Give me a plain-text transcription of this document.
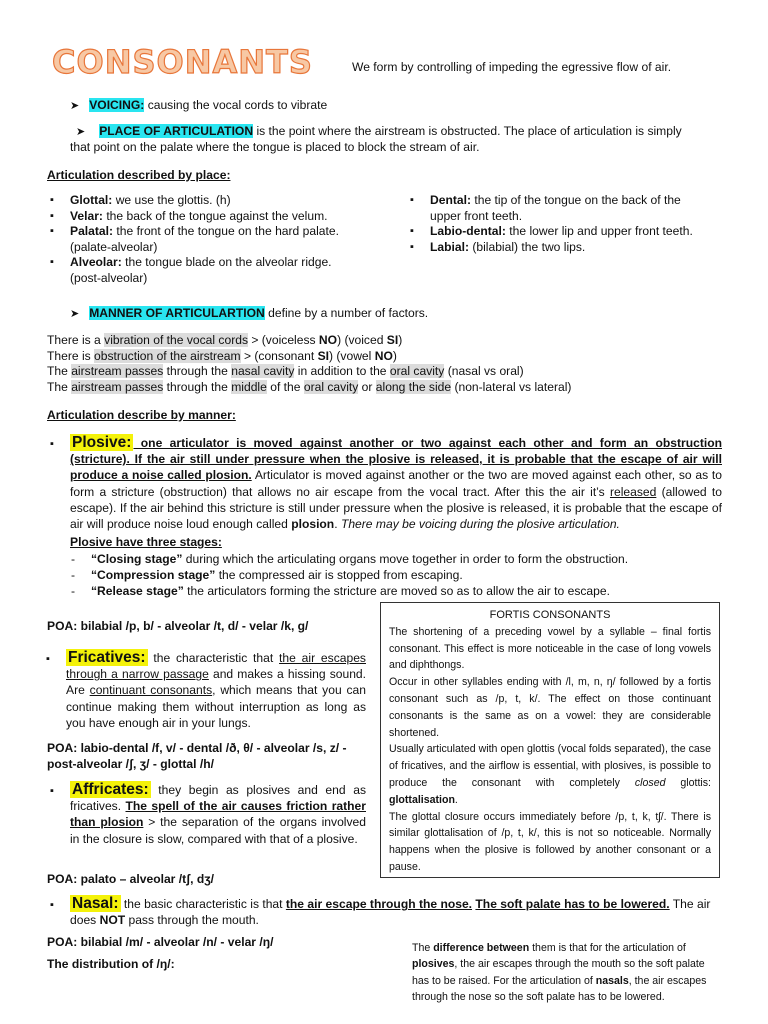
CONSONANTS	We form by controlling of impeding the egressive flow of air.
➤ VOICING: causing the vocal cords to vibrate
➤ PLACE OF ARTICULATION is the point where the airstream is obstructed. The place of articulation is simply
that point on the palate where the tongue is placed to block the stream of air.
Articulation described by place:
▪ Glottal: we use the glottis. (h)
▪ Velar: the back of the tongue against the velum.
▪ Palatal: the front of the tongue on the hard palate.
(palate-alveolar)
▪ Alveolar: the tongue blade on the alveolar ridge.
(post-alveolar)
▪ Dental: the tip of the tongue on the back of the
upper front teeth.
▪ Labio-dental: the lower lip and upper front teeth.
▪ Labial: (bilabial) the two lips.
➤ MANNER OF ARTICULARTION define by a number of factors.
There is a vibration of the vocal cords > (voiceless NO) (voiced SI)
There is obstruction of the airstream > (consonant SI) (vowel NO)
The airstream passes through the nasal cavity in addition to the oral cavity (nasal vs oral)
The airstream passes through the middle of the oral cavity or along the side (non-lateral vs lateral)
Articulation describe by manner:
Plosive: one articulator is moved against another or two against each other and form an obstruction (stricture). If the air still under pressure when the plosive is released, it is probable that the escape of air will produce a noise called plosion. Articulator is moved against another or the two are moved against each other, so as to form a stricture (obstruction) that allows no air escape from the vocal tract. After this the air it’s released (allowed to escape). If the air behind this stricture is still under pressure when the plosive is released, it is probable that the escape of air will produce noise loud enough called plosion. There may be voicing during the plosive articulation.
Plosive have three stages:
- “Closing stage” during which the articulating organs move together in order to form the obstruction.
- “Compression stage” the compressed air is stopped from escaping.
- “Release stage” the articulators forming the stricture are moved so as to allow the air to escape.
POA: bilabial /p, b/ - alveolar /t, d/ - velar /k, g/
Fricatives: the characteristic that the air escapes through a narrow passage and makes a hissing sound. Are continuant consonants, which means that you can continue making them without interruption as long as you have enough air in your lungs.
POA: labio-dental /f, v/ - dental /ð, θ/ - alveolar /s, z/ - post-alveolar /ʃ, ʒ/ - glottal /h/
Affricates: they begin as plosives and end as fricatives. The spell of the air causes friction rather than plosion > the separation of the organs involved in the closure is slow, compared with that of a plosive.
POA: palato – alveolar /tʃ, dʒ/
Nasal: the basic characteristic is that the air escape through the nose. The soft palate has to be lowered. The air does NOT pass through the mouth.
POA: bilabial /m/ - alveolar /n/ - velar /ŋ/
The distribution of /ŋ/:

FORTIS CONSONANTS

The shortening of a preceding vowel by a syllable – final fortis consonant. This effect is more noticeable in the case of long vowels and diphthongs.

Occur in other syllables ending with /l, m, n, ŋ/ followed by a fortis consonant such as /p, t, k/. The effect on those continuant consonants is the same as on a vowel: they are considerable shortened.

Usually articulated with open glottis (vocal folds separated), the case of fricatives, and the airflow is essential, with plosives, is possible to produce the consonant with completely closed glottis: glottalisation.

The glottal closure occurs immediately before /p, t, k, tʃ/. There is similar glottalisation of /p, t, k/, this is not so noticeable. Normally happens when the plosive is followed by another consonant or a pause.

The difference between them is that for the articulation of plosives, the air escapes through the mouth so the soft palate has to be raised. For the articulation of nasals, the air escapes through the nose so the soft palate has to be lowered.
